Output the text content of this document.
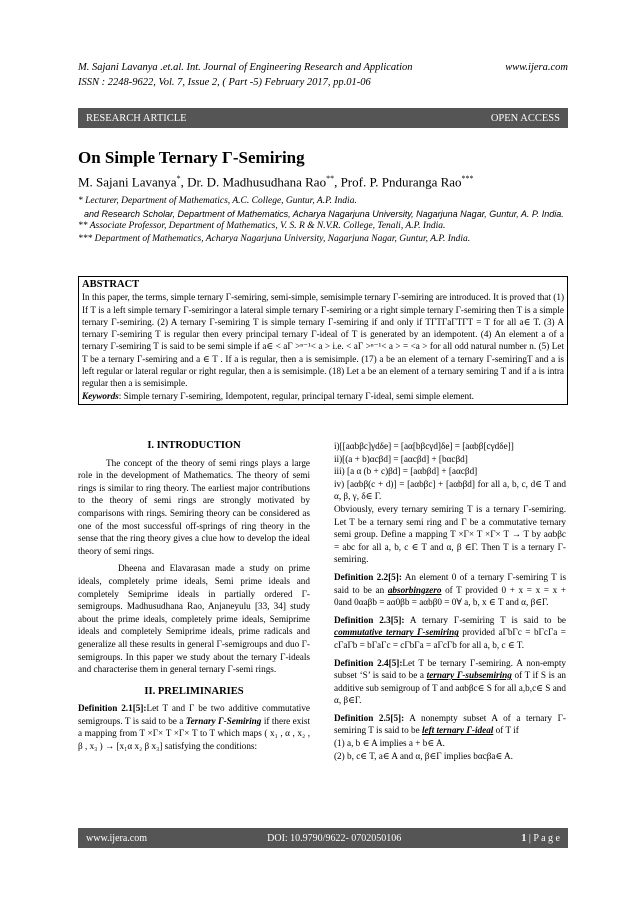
M. Sajani Lavanya .et.al. Int. Journal of Engineering Research and Application	www.ijera.com
ISSN : 2248-9622, Vol. 7, Issue 2, ( Part -5) February 2017, pp.01-06
RESEARCH ARTICLE	OPEN ACCESS
On Simple Ternary Γ-Semiring
M. Sajani Lavanya*, Dr. D. Madhusudhana Rao**, Prof. P. Pnduranga Rao***
* Lecturer, Department of Mathematics, A.C. College, Guntur, A.P. India.
and Research Scholar, Department of Mathematics, Acharya Nagarjuna University, Nagarjuna Nagar, Guntur, A. P. India.
** Associate Professor, Department of Mathematics, V. S. R & N.V.R. College, Tenali, A.P. India.
*** Department of Mathematics, Acharya Nagarjuna University, Nagarjuna Nagar, Guntur, A.P. India.
ABSTRACT
In this paper, the terms, simple ternary Γ-semiring, semi-simple, semisimple ternary Γ-semiring are introduced. It is proved that (1) If T is a left simple ternary Γ-semiringor a lateral simple ternary Γ-semiring or a right simple ternary Γ-semiring then T is a simple ternary Γ-semiring. (2) A ternary Γ-semiring T is simple ternary Γ-semiring if and only if TΓTΓaΓTΓT = T for all a∈ T. (3) A ternary Γ-semiring T is regular then every principal ternary Γ-ideal of T is generated by an idempotent. (4) An element a of a ternary Γ-semiring T is said to be semi simple if a∈ < aΓ >ⁿ⁻¹< a > i.e. < aΓ >ⁿ⁻¹< a > = <a > for all odd natural number n. (5) Let T be a ternary Γ-semiring and a ∈ T . If a is regular, then a is semisimple. (17) a be an element of a ternary Γ-semiringT and a is left regular or lateral regular or right regular, then a is semisimple. (18) Let a be an element of a ternary semiring T and if a is intra regular then a is semisimple.
Keywords: Simple ternary Γ-semiring, Idempotent, regular, principal ternary Γ-ideal, semi simple element.
I. INTRODUCTION

The concept of the theory of semi rings plays a large role in the development of Mathematics. The theory of semi rings is similar to ring theory. The earliest major contributions to the theory of semi rings are strongly motivated by comparisons with rings. Semiring theory can be considered as one of the most successful off-springs of ring theory in the sense that the ring theory gives a clue how to develop the ideal theory of semi rings.

Dheena and Elavarasan made a study on prime ideals, completely prime ideals, Semi prime ideals and completely Semiprime ideals in partially ordered Γ-semigroups. Madhusudhana Rao, Anjaneyulu [33, 34] study about the prime ideals, completely prime ideals, Semiprime ideals and completely Semiprime ideals, prime radicals and generalize all these results in general Γ-semigroups and duo Γ-semigroups. In this paper we study about the ternary Γ-ideals and characterise them in general ternary Γ-semi rings.

II. PRELIMINARIES

Definition 2.1[5]:Let T and Γ be two additive commutative semigroups. T is said to be a Ternary Γ-Semiring if there exist a mapping from T ×Γ× T ×Γ× T to T which maps ( x₁ , α , x₂ , β , x₃ ) → [x₁α x₂ β x₃] satisfying the conditions:

i)[[aαbβc]γdδe] = [aα[bβcγd]δe] = [aαbβ[cγdδe]]
ii)[(a + b)αcβd] = [aαcβd] + [bαcβd]
iii) [a α (b + c)βd] = [aαbβd] + [aαcβd]
iv) [aαbβ(c + d)] = [aαbβc] + [aαbβd] for all a, b, c, d∈ T and α, β, γ, δ∈ Γ.

Obviously, every ternary semiring T is a ternary Γ-semiring. Let T be a ternary semi ring and Γ be a commutative ternary semi group. Define a mapping T ×Γ× T ×Γ× T → T by aαbβc = abc for all a, b, c ∈ T and α, β ∈Γ. Then T is a ternary Γ-semiring.

Definition 2.2[5]: An element 0 of a ternary Γ-semiring T is said to be an absorbingzero of T provided 0 + x = x = x + 0and 0αaβb = aα0βb = aαbβ0 = 0∀ a, b, x ∈ T and α, β∈Γ.

Definition 2.3[5]: A ternary Γ-semiring T is said to be commutative ternary Γ-semiring provided aΓbΓc = bΓcΓa = cΓaΓb = bΓaΓc = cΓbΓa = aΓcΓb for all a, b, c ∈ T.

Definition 2.4[5]:Let T be ternary Γ-semiring. A non-empty subset ‘S’ is said to be a ternary Γ-subsemiring of T if S is an additive sub semigroup of T and aαbβc∈ S for all a,b,c∈ S and α, β∈Γ.

Definition 2.5[5]: A nonempty subset A of a ternary Γ-semiring T is said to be left ternary Γ-ideal of T if
(1) a, b ∈ A implies a + b∈ A.
(2) b, c∈ T, a∈ A and α, β∈Γ implies bαcβa∈ A.

www.ijera.com	DOI: 10.9790/9622- 0702050106	1 | P a g e
